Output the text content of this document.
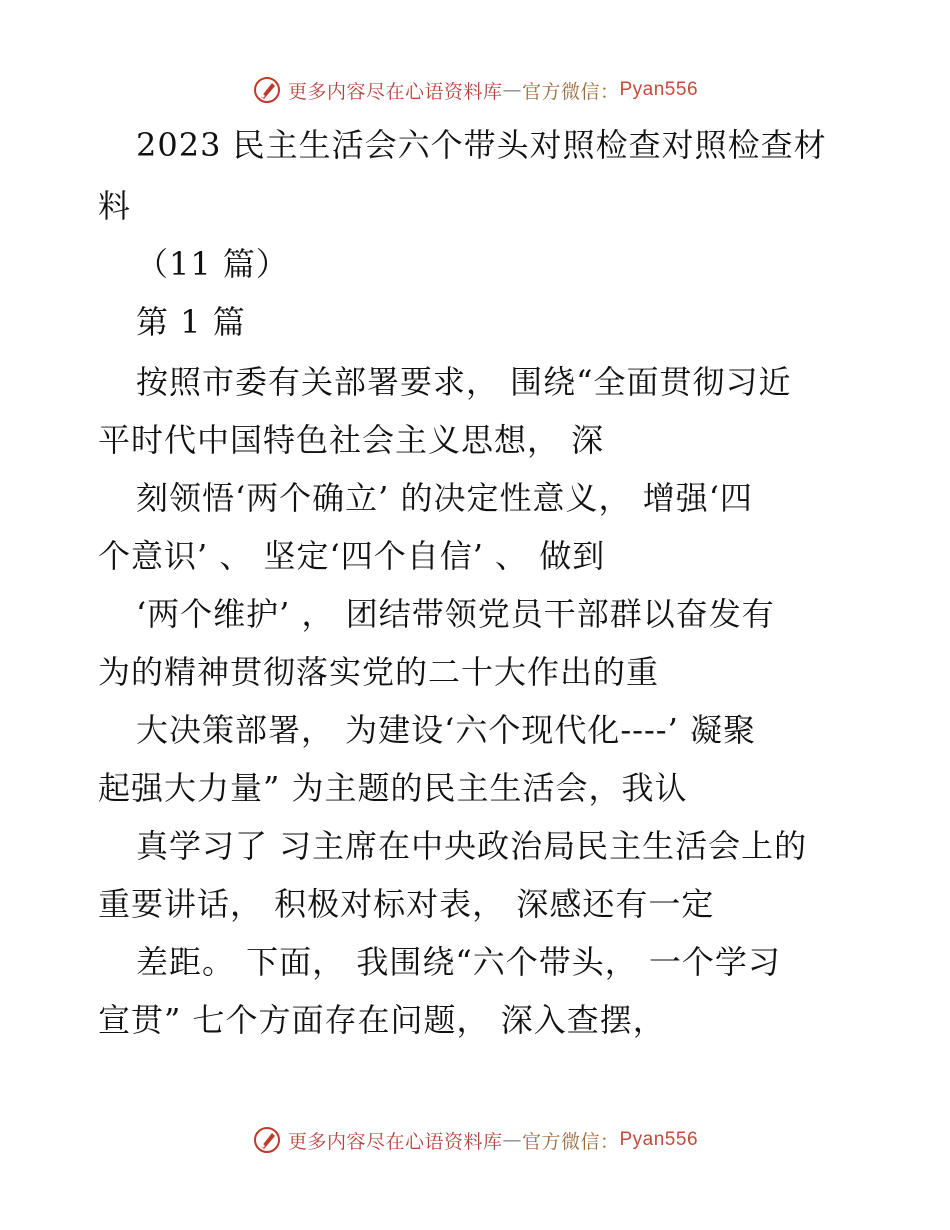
更多内容尽在心语资料库 — 官方微信： Pyan556
2023 民主生活会六个带头对照检查对照检查材
料
（11 篇）
第 1 篇
按照市委有关部署要求， 围绕“全面贯彻习近
平时代中国特色社会主义思想， 深
刻领悟‘两个确立’ 的决定性意义， 增强‘四
个意识’ 、 坚定‘四个自信’ 、 做到
‘两个维护’ ， 团结带领党员干部群以奋发有
为的精神贯彻落实党的二十大作出的重
大决策部署， 为建设‘六个现代化----’ 凝聚
起强大力量” 为主题的民主生活会，我认
真学习了 习主席在中央政治局民主生活会上的
重要讲话， 积极对标对表， 深感还有一定
差距。 下面， 我围绕“六个带头， 一个学习
宣贯” 七个方面存在问题， 深入查摆，
更多内容尽在心语资料库 — 官方微信： Pyan556
